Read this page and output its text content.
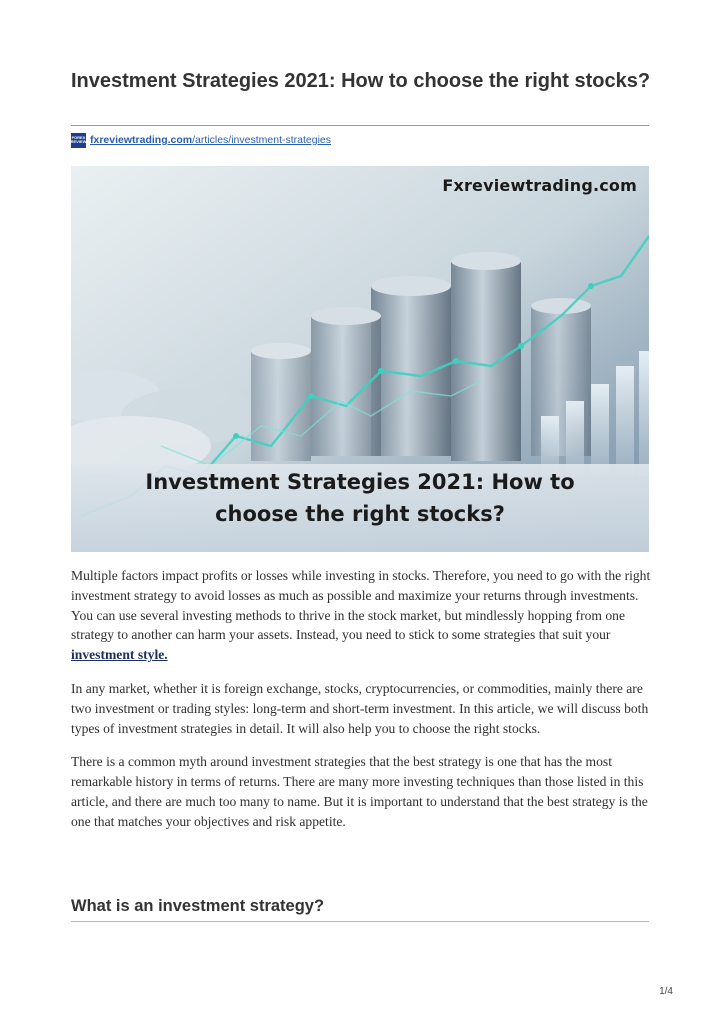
Investment Strategies 2021: How to choose the right stocks?
FOREX
REVIEW fxreviewtrading.com /articles/investment-strategies
Fxreviewtrading.com
Investment Strategies 2021: How to
choose the right stocks?

Multiple factors impact profits or losses while investing in stocks. Therefore, you need to go with the right investment strategy to avoid losses as much as possible and maximize your returns through investments. You can use several investing methods to thrive in the stock market, but mindlessly hopping from one strategy to another can harm your assets. Instead, you need to stick to some strategies that suit your investment style.

In any market, whether it is foreign exchange, stocks, cryptocurrencies, or commodities, mainly there are two investment or trading styles: long-term and short-term investment. In this article, we will discuss both types of investment strategies in detail. It will also help you to choose the right stocks.

There is a common myth around investment strategies that the best strategy is one that has the most remarkable history in terms of returns. There are many more investing techniques than those listed in this article, and there are much too many to name. But it is important to understand that the best strategy is the one that matches your objectives and risk appetite.

What is an investment strategy?
1/4
